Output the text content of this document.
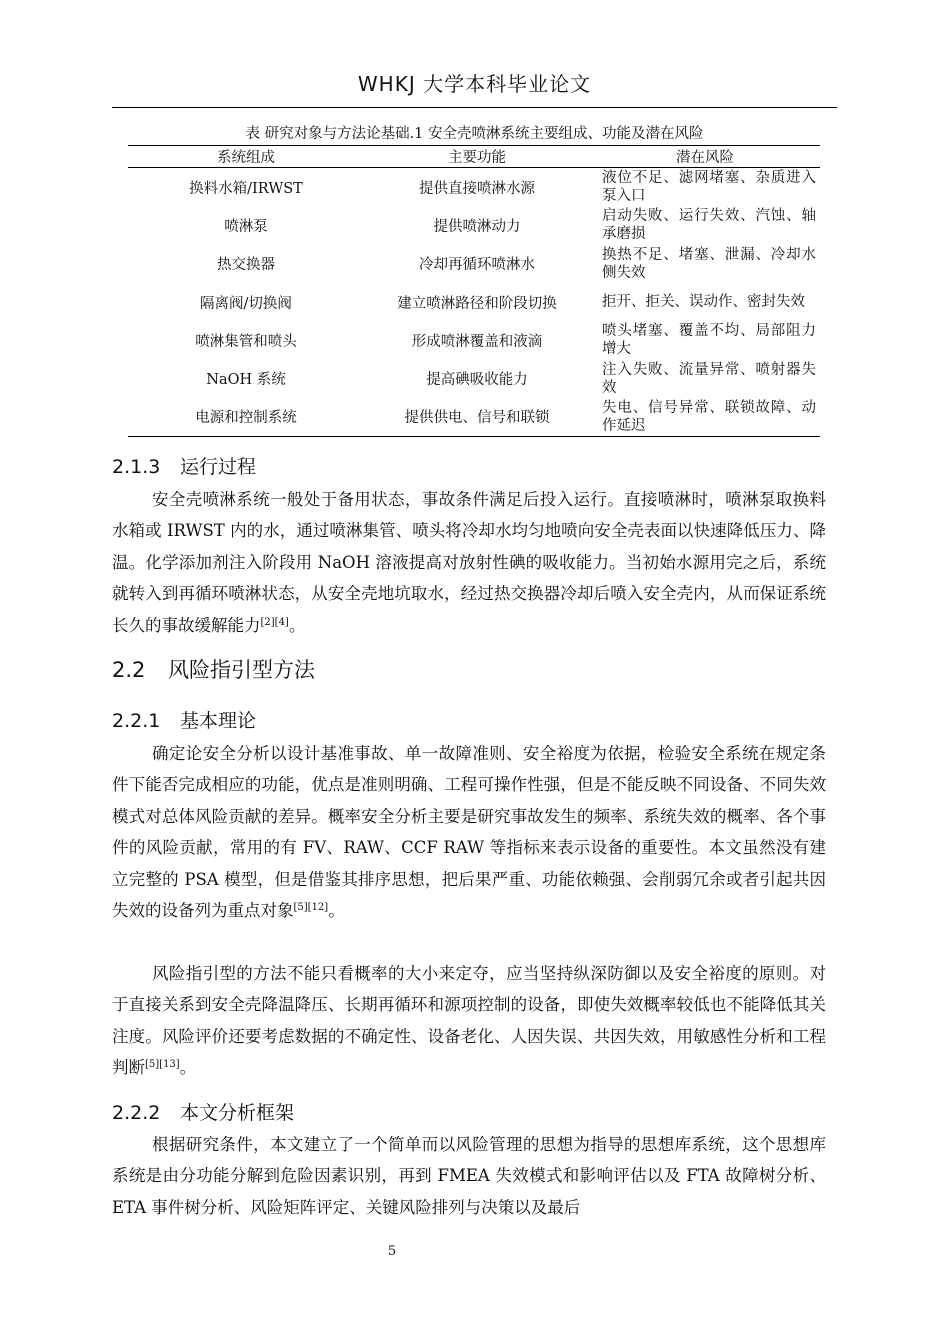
WHKJ 大学本科毕业论文
表 研究对象与方法论基础.1 安全壳喷淋系统主要组成、功能及潜在风险
系统组成	主要功能	潜在风险
换料水箱/IRWST	提供直接喷淋水源	液位不足、滤网堵塞、杂质进入泵入口
喷淋泵	提供喷淋动力	启动失败、运行失效、汽蚀、轴承磨损
热交换器	冷却再循环喷淋水	换热不足、堵塞、泄漏、冷却水侧失效
隔离阀/切换阀	建立喷淋路径和阶段切换	拒开、拒关、误动作、密封失效
喷淋集管和喷头	形成喷淋覆盖和液滴	喷头堵塞、覆盖不均、局部阻力增大
NaOH 系统	提高碘吸收能力	注入失败、流量异常、喷射器失效
电源和控制系统	提供供电、信号和联锁	失电、信号异常、联锁故障、动作延迟
2.1.3 运行过程

安全壳喷淋系统一般处于备用状态，事故条件满足后投入运行。直接喷淋时，喷淋泵取换料水箱或 IRWST 内的水，通过喷淋集管、喷头将冷却水均匀地喷向安全壳表面以快速降低压力、降温。化学添加剂注入阶段用 NaOH 溶液提高对放射性碘的吸收能力。当初始水源用完之后，系统就转入到再循环喷淋状态，从安全壳地坑取水，经过热交换器冷却后喷入安全壳内，从而保证系统长久的事故缓解能力[2][4]。

2.2 风险指引型方法
2.2.1 基本理论

确定论安全分析以设计基准事故、单一故障准则、安全裕度为依据，检验安全系统在规定条件下能否完成相应的功能，优点是准则明确、工程可操作性强，但是不能反映不同设备、不同失效模式对总体风险贡献的差异。概率安全分析主要是研究事故发生的频率、系统失效的概率、各个事件的风险贡献，常用的有 FV、RAW、CCF RAW 等指标来表示设备的重要性。本文虽然没有建立完整的 PSA 模型，但是借鉴其排序思想，把后果严重、功能依赖强、会削弱冗余或者引起共因失效的设备列为重点对象[5][12]。

风险指引型的方法不能只看概率的大小来定夺，应当坚持纵深防御以及安全裕度的原则。对于直接关系到安全壳降温降压、长期再循环和源项控制的设备，即使失效概率较低也不能降低其关注度。风险评价还要考虑数据的不确定性、设备老化、人因失误、共因失效，用敏感性分析和工程判断[5][13]。

2.2.2 本文分析框架

根据研究条件，本文建立了一个简单而以风险管理的思想为指导的思想库系统，这个思想库系统是由分功能分解到危险因素识别，再到 FMEA 失效模式和影响评估以及 FTA 故障树分析、ETA 事件树分析、风险矩阵评定、关键风险排列与决策以及最后

5
